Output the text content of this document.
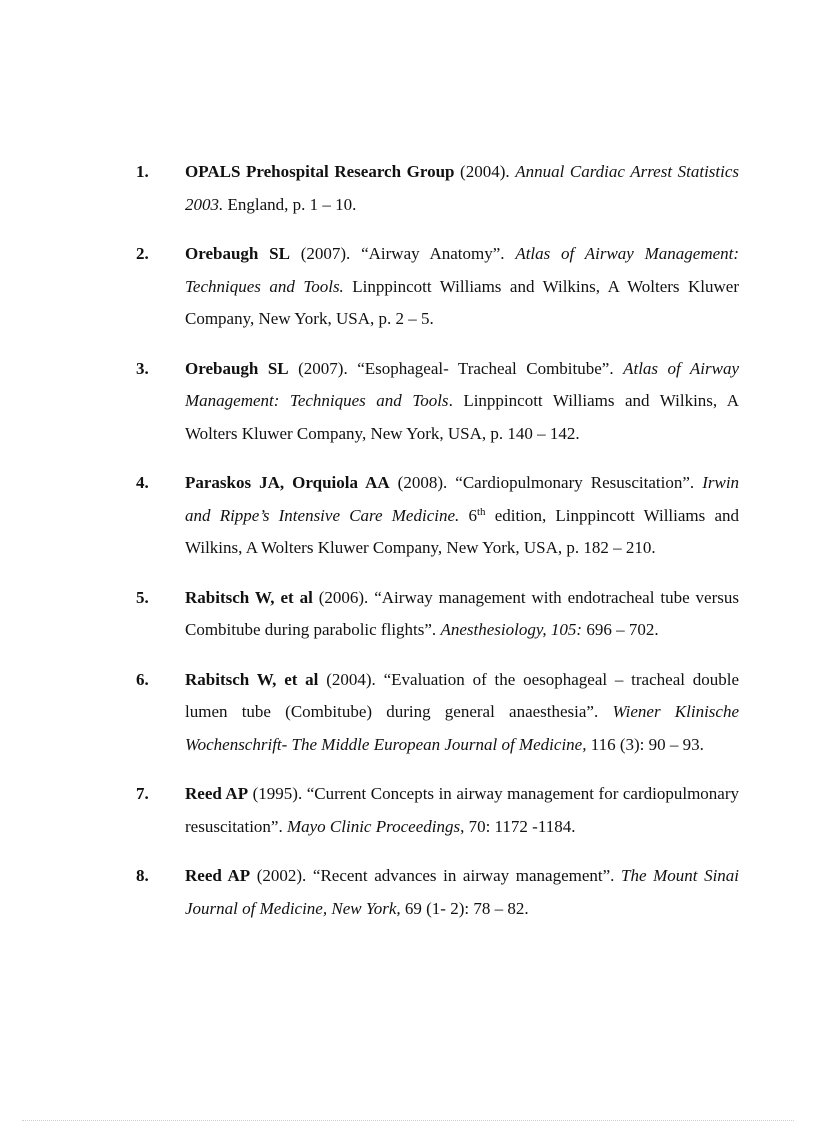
1. OPALS Prehospital Research Group (2004). Annual Cardiac Arrest Statistics 2003. England, p. 1 – 10.

2. Orebaugh SL (2007). “Airway Anatomy”. Atlas of Airway Management: Techniques and Tools. Linppincott Williams and Wilkins, A Wolters Kluwer Company, New York, USA, p. 2 – 5.

3. Orebaugh SL (2007). “Esophageal- Tracheal Combitube”. Atlas of Airway Management: Techniques and Tools. Linppincott Williams and Wilkins, A Wolters Kluwer Company, New York, USA, p. 140 – 142.

4. Paraskos JA, Orquiola AA (2008). “Cardiopulmonary Resuscitation”. Irwin and Rippe’s Intensive Care Medicine. 6th edition, Linppincott Williams and Wilkins, A Wolters Kluwer Company, New York, USA, p. 182 – 210.

5. Rabitsch W, et al (2006). “Airway management with endotracheal tube versus Combitube during parabolic flights”. Anesthesiology, 105: 696 – 702.

6. Rabitsch W, et al (2004). “Evaluation of the oesophageal – tracheal double lumen tube (Combitube) during general anaesthesia”. Wiener Klinische Wochenschrift- The Middle European Journal of Medicine, 116 (3): 90 – 93.

7. Reed AP (1995). “Current Concepts in airway management for cardiopulmonary resuscitation”. Mayo Clinic Proceedings, 70: 1172 -1184.

8. Reed AP (2002). “Recent advances in airway management”. The Mount Sinai Journal of Medicine, New York, 69 (1- 2): 78 – 82.
